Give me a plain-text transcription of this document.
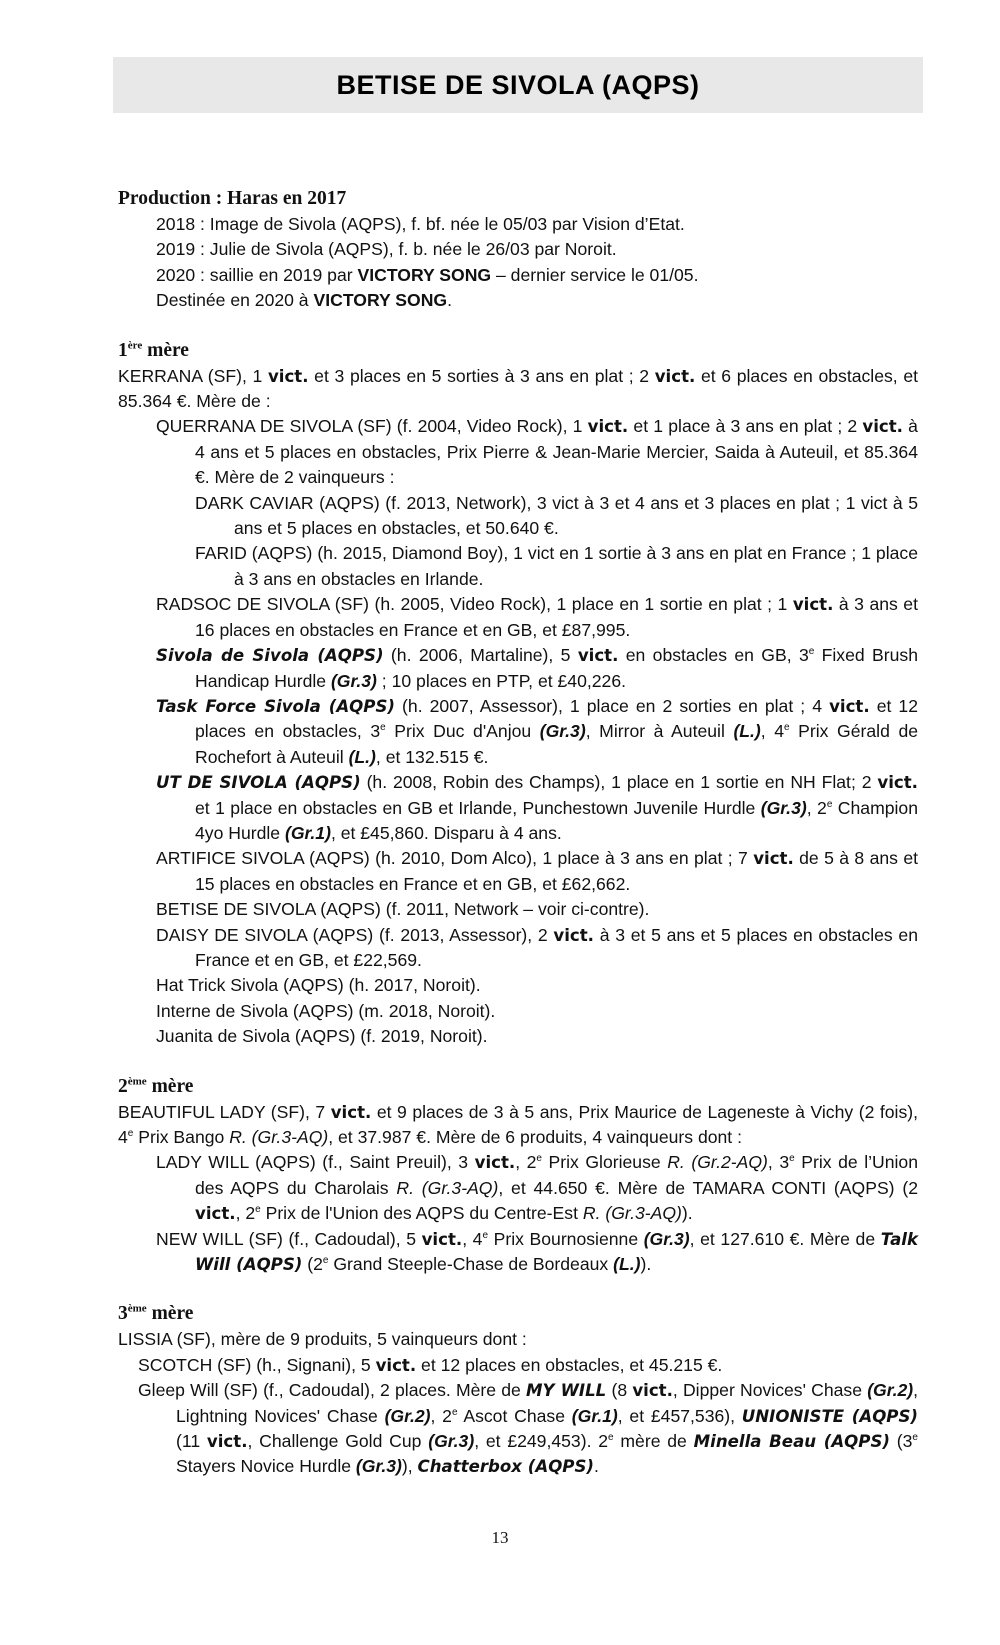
BETISE DE SIVOLA (AQPS)

Production : Haras en 2017

2018 : Image de Sivola (AQPS), f. bf. née le 05/03 par Vision d’Etat.

2019 : Julie de Sivola (AQPS), f. b. née le 26/03 par Noroit.

2020 : saillie en 2019 par VICTORY SONG – dernier service le 01/05.

Destinée en 2020 à VICTORY SONG.

1ère mère

KERRANA (SF), 1 vict. et 3 places en 5 sorties à 3 ans en plat ; 2 vict. et 6 places en obstacles, et 85.364 €. Mère de :

QUERRANA DE SIVOLA (SF) (f. 2004, Video Rock), 1 vict. et 1 place à 3 ans en plat ; 2 vict. à 4 ans et 5 places en obstacles, Prix Pierre & Jean-Marie Mercier, Saida à Auteuil, et 85.364 €. Mère de 2 vainqueurs :

DARK CAVIAR (AQPS) (f. 2013, Network), 3 vict à 3 et 4 ans et 3 places en plat ; 1 vict à 5 ans et 5 places en obstacles, et 50.640 €.

FARID (AQPS) (h. 2015, Diamond Boy), 1 vict en 1 sortie à 3 ans en plat en France ; 1 place à 3 ans en obstacles en Irlande.

RADSOC DE SIVOLA (SF) (h. 2005, Video Rock), 1 place en 1 sortie en plat ; 1 vict. à 3 ans et 16 places en obstacles en France et en GB, et £87,995.

Sivola de Sivola (AQPS) (h. 2006, Martaline), 5 vict. en obstacles en GB, 3e Fixed Brush Handicap Hurdle (Gr.3) ; 10 places en PTP, et £40,226.

Task Force Sivola (AQPS) (h. 2007, Assessor), 1 place en 2 sorties en plat ; 4 vict. et 12 places en obstacles, 3e Prix Duc d'Anjou (Gr.3), Mirror à Auteuil (L.), 4e Prix Gérald de Rochefort à Auteuil (L.), et 132.515 €.

UT DE SIVOLA (AQPS) (h. 2008, Robin des Champs), 1 place en 1 sortie en NH Flat; 2 vict. et 1 place en obstacles en GB et Irlande, Punchestown Juvenile Hurdle (Gr.3), 2e Champion 4yo Hurdle (Gr.1), et £45,860. Disparu à 4 ans.

ARTIFICE SIVOLA (AQPS) (h. 2010, Dom Alco), 1 place à 3 ans en plat ; 7 vict. de 5 à 8 ans et 15 places en obstacles en France et en GB, et £62,662.

BETISE DE SIVOLA (AQPS) (f. 2011, Network – voir ci-contre).

DAISY DE SIVOLA (AQPS) (f. 2013, Assessor), 2 vict. à 3 et 5 ans et 5 places en obstacles en France et en GB, et £22,569.

Hat Trick Sivola (AQPS) (h. 2017, Noroit).

Interne de Sivola (AQPS) (m. 2018, Noroit).

Juanita de Sivola (AQPS) (f. 2019, Noroit).

2ème mère

BEAUTIFUL LADY (SF), 7 vict. et 9 places de 3 à 5 ans, Prix Maurice de Lageneste à Vichy (2 fois), 4e Prix Bango R. (Gr.3-AQ), et 37.987 €. Mère de 6 produits, 4 vainqueurs dont :

LADY WILL (AQPS) (f., Saint Preuil), 3 vict., 2e Prix Glorieuse R. (Gr.2-AQ), 3e Prix de l’Union des AQPS du Charolais R. (Gr.3-AQ), et 44.650 €. Mère de TAMARA CONTI (AQPS) (2 vict., 2e Prix de l'Union des AQPS du Centre-Est R. (Gr.3-AQ)).

NEW WILL (SF) (f., Cadoudal), 5 vict., 4e Prix Bournosienne (Gr.3), et 127.610 €. Mère de Talk Will (AQPS) (2e Grand Steeple-Chase de Bordeaux (L.)).

3ème mère

LISSIA (SF), mère de 9 produits, 5 vainqueurs dont :

SCOTCH (SF) (h., Signani), 5 vict. et 12 places en obstacles, et 45.215 €.

Gleep Will (SF) (f., Cadoudal), 2 places. Mère de MY WILL (8 vict., Dipper Novices' Chase (Gr.2), Lightning Novices' Chase (Gr.2), 2e Ascot Chase (Gr.1), et £457,536), UNIONISTE (AQPS) (11 vict., Challenge Gold Cup (Gr.3), et £249,453). 2e mère de Minella Beau (AQPS) (3e Stayers Novice Hurdle (Gr.3)), Chatterbox (AQPS).

13
